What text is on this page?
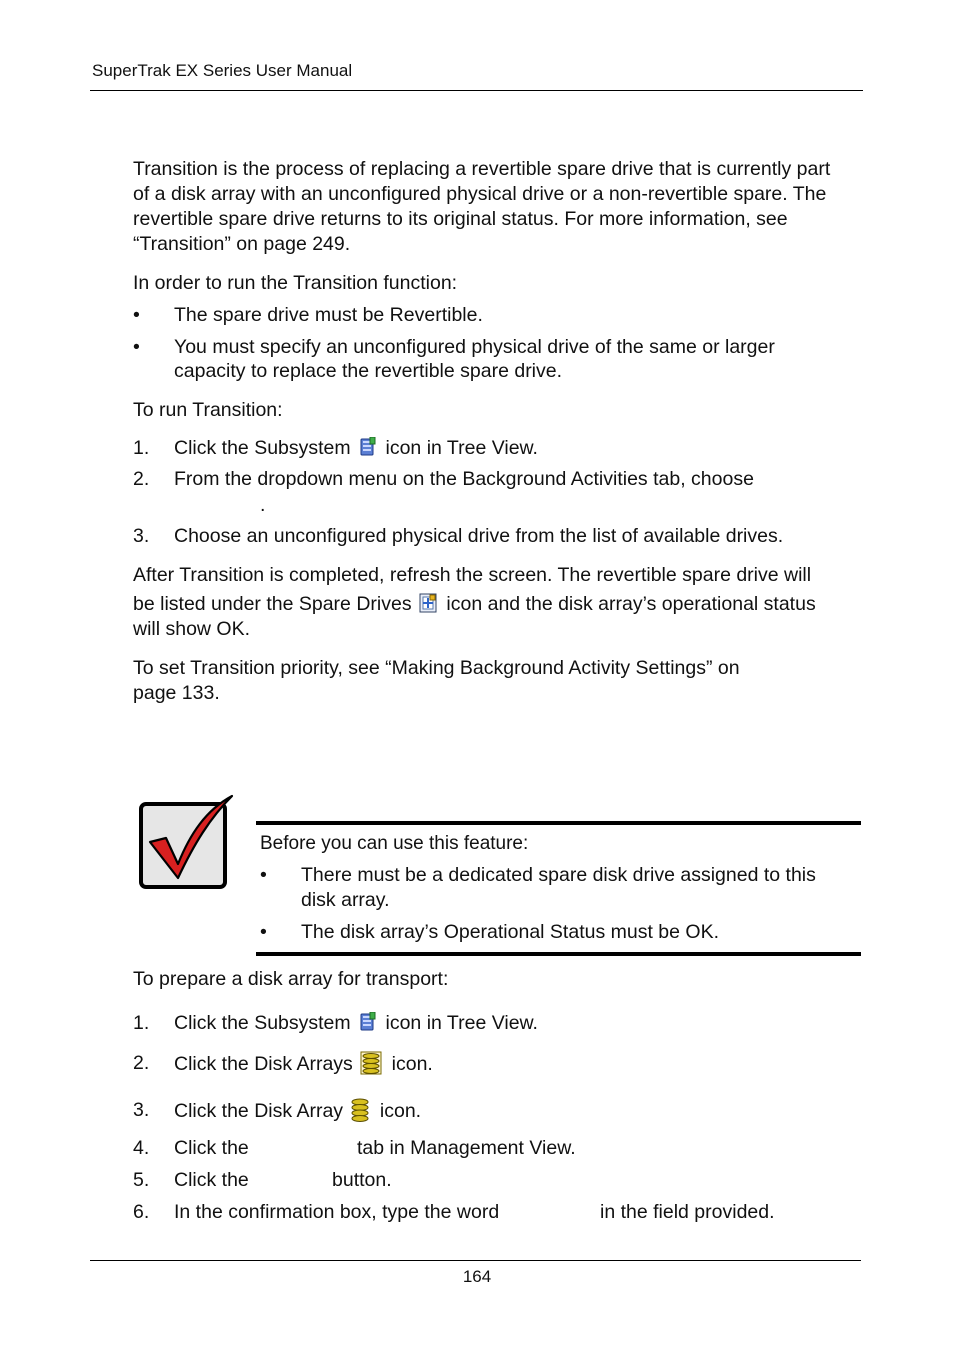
SuperTrak EX Series User Manual
Transition is the process of replacing a revertible spare drive that is currently part
of a disk array with an unconfigured physical drive or a non-revertible spare. The
revertible spare drive returns to its original status. For more information, see
“Transition” on page 249.
In order to run the Transition function:
• The spare drive must be Revertible.
• You must specify an unconfigured physical drive of the same or larger
capacity to replace the revertible spare drive.
To run Transition:
1. Click the Subsystem icon in Tree View.
2. From the dropdown menu on the Background Activities tab, choose
.
3. Choose an unconfigured physical drive from the list of available drives.
After Transition is completed, refresh the screen. The revertible spare drive will
be listed under the Spare Drives icon and the disk array’s operational status
will show OK.
To set Transition priority, see “Making Background Activity Settings” on
page 133.
Before you can use this feature:
• There must be a dedicated spare disk drive assigned to this
disk array.
• The disk array’s Operational Status must be OK.
To prepare a disk array for transport:
1. Click the Subsystem icon in Tree View.
2. Click the Disk Arrays icon.
3. Click the Disk Array icon.
4. Click the	tab in Management View.
5. Click the	button.
6. In the confirmation box, type the word	in the field provided.
164
